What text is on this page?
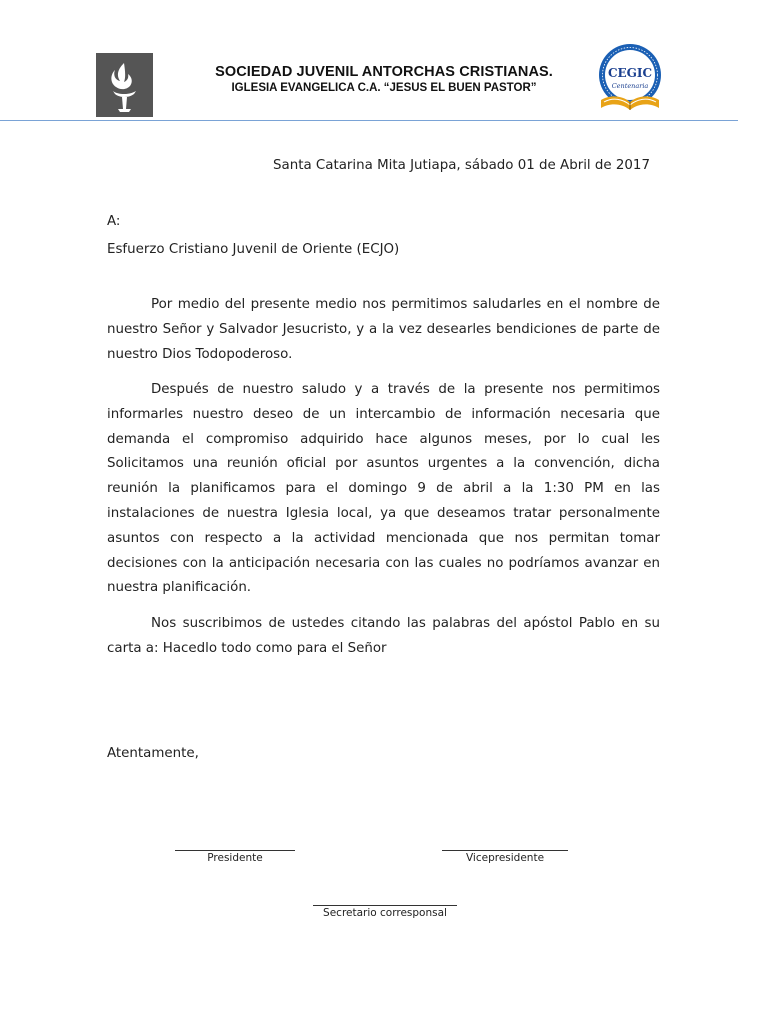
SOCIEDAD JUVENIL ANTORCHAS CRISTIANAS.
IGLESIA EVANGELICA C.A. “JESUS EL BUEN PASTOR”
CEGIC
Centenaria
Santa Catarina Mita Jutiapa, sábado 01 de Abril de 2017
A:
Esfuerzo Cristiano Juvenil de Oriente (ECJO)
Por medio del presente medio nos permitimos saludarles en el nombre de nuestro Señor y Salvador Jesucristo, y a la vez desearles bendiciones de parte de nuestro Dios Todopoderoso.
Después de nuestro saludo y a través de la presente nos permitimos informarles nuestro deseo de un intercambio de información necesaria que demanda el compromiso adquirido hace algunos meses, por lo cual les Solicitamos una reunión oficial por asuntos urgentes a la convención, dicha reunión la planificamos para el domingo 9 de abril a la 1:30 PM en las instalaciones de nuestra Iglesia local, ya que deseamos tratar personalmente asuntos con respecto a la actividad mencionada que nos permitan tomar decisiones con la anticipación necesaria con las cuales no podríamos avanzar en nuestra planificación.
Nos suscribimos de ustedes citando las palabras del apóstol Pablo en su carta a: Hacedlo todo como para el Señor
Atentamente,
Presidente	Vicepresidente
Secretario corresponsal
